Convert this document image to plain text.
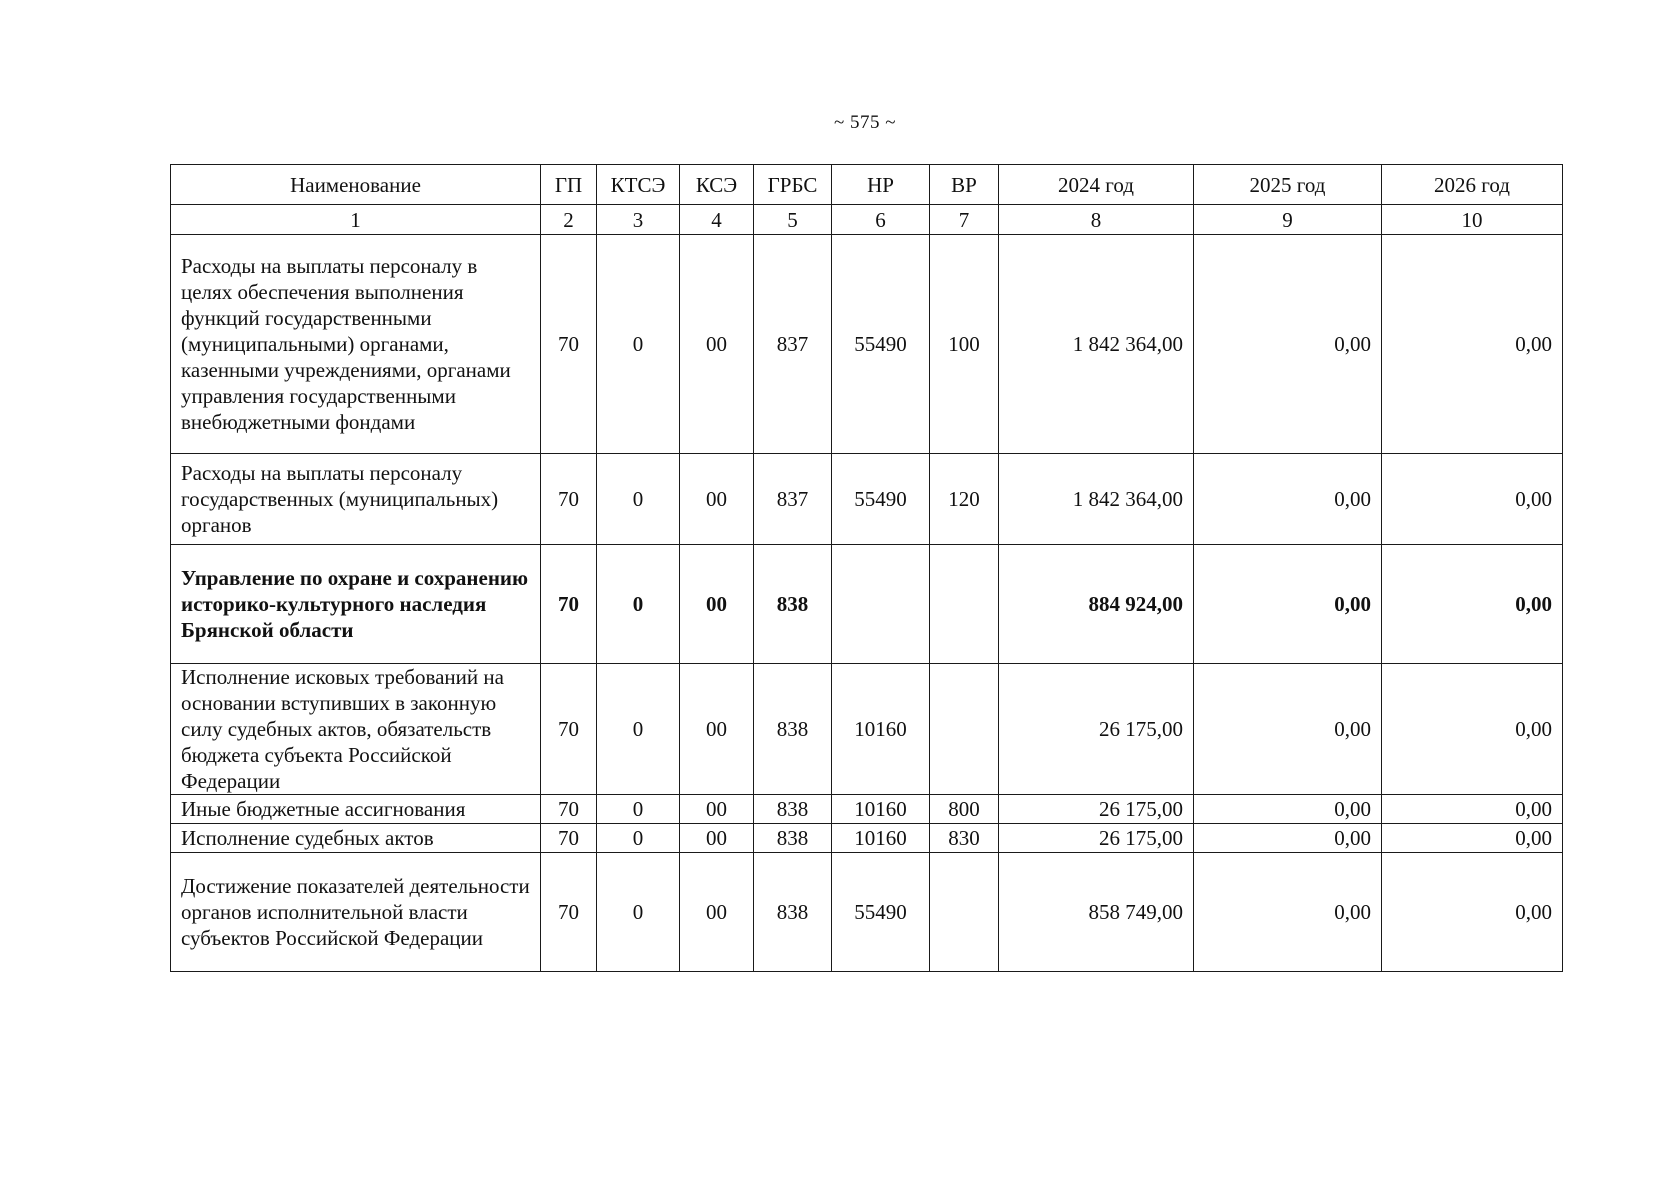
~ 575 ~
Наименование	ГП	КТСЭ	КСЭ	ГРБС	НР	ВР	2024 год	2025 год	2026 год
1	2	3	4	5	6	7	8	9	10
Расходы на выплаты персоналу в целях обеспечения выполнения функций государственными (муниципальными) органами, казенными учреждениями, органами управления государственными внебюджетными фондами	70	0	00	837	55490	100	1 842 364,00	0,00	0,00
Расходы на выплаты персоналу государственных (муниципальных) органов	70	0	00	837	55490	120	1 842 364,00	0,00	0,00
Управление по охране и сохранению историко-культурного наследия Брянской области	70	0	00	838			884 924,00	0,00	0,00
Исполнение исковых требований на основании вступивших в законную силу судебных актов, обязательств бюджета субъекта Российской Федерации	70	0	00	838	10160		26 175,00	0,00	0,00
Иные бюджетные ассигнования	70	0	00	838	10160	800	26 175,00	0,00	0,00
Исполнение судебных актов	70	0	00	838	10160	830	26 175,00	0,00	0,00
Достижение показателей деятельности органов исполнительной власти субъектов Российской Федерации	70	0	00	838	55490		858 749,00	0,00	0,00
